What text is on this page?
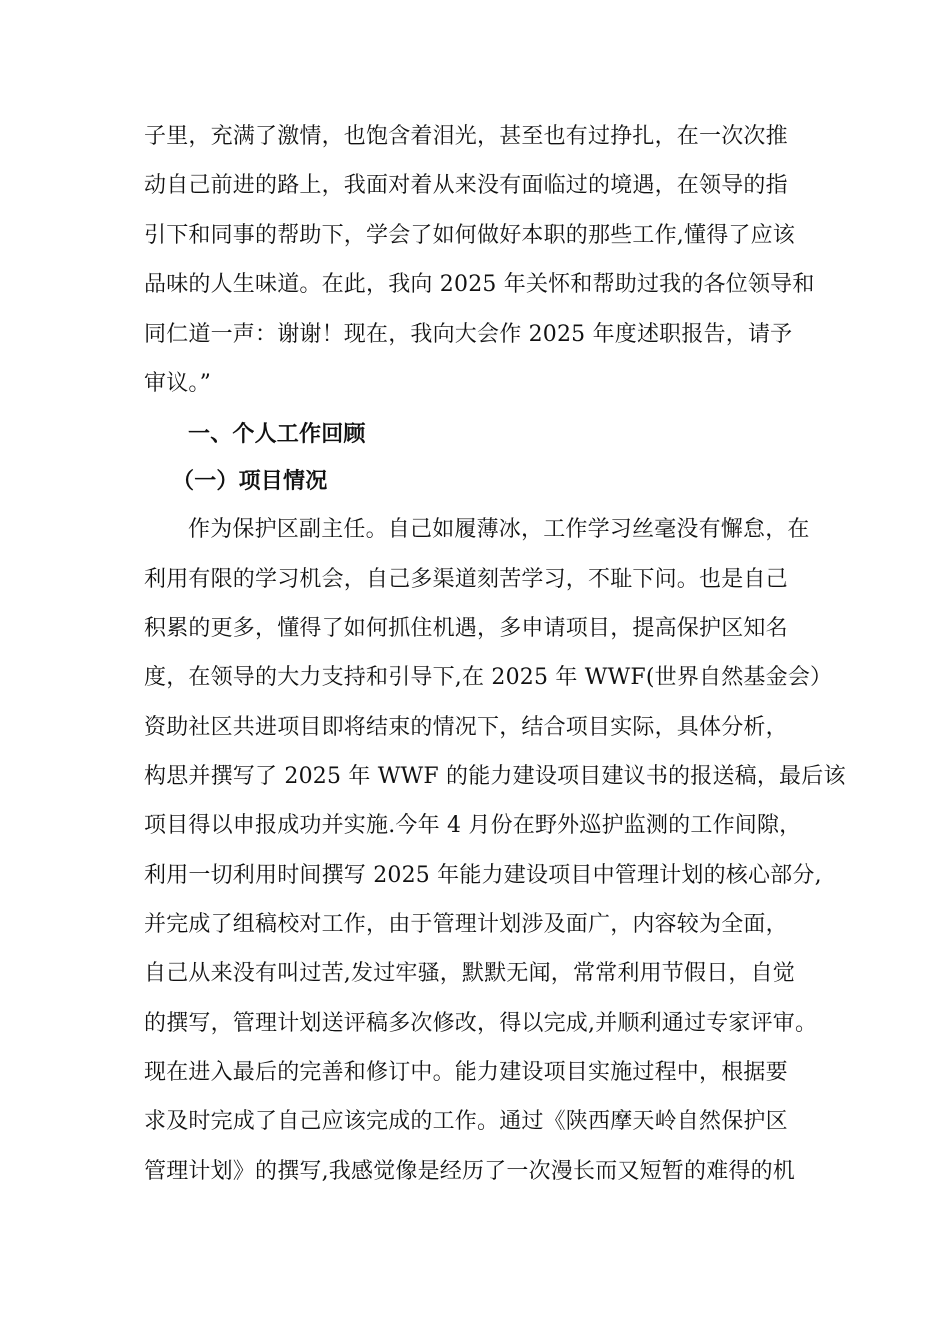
子里，充满了激情，也饱含着泪光，甚至也有过挣扎，在一次次推
动自己前进的路上，我面对着从来没有面临过的境遇，在领导的指
引下和同事的帮助下，学会了如何做好本职的那些工作,懂得了应该
品味的人生味道。在此，我向 2025 年关怀和帮助过我的各位领导和
同仁道一声：谢谢！现在，我向大会作 2025 年度述职报告，请予
审议。”
一、个人工作回顾
（一）项目情况
作为保护区副主任。自己如履薄冰，工作学习丝毫没有懈怠，在
利用有限的学习机会，自己多渠道刻苦学习，不耻下问。也是自己
积累的更多，懂得了如何抓住机遇，多申请项目，提高保护区知名
度，在领导的大力支持和引导下,在 2025 年 WWF(世界自然基金会）
资助社区共进项目即将结束的情况下，结合项目实际，具体分析，
构思并撰写了 2025 年 WWF 的能力建设项目建议书的报送稿，最后该
项目得以申报成功并实施.今年 4 月份在野外巡护监测的工作间隙，
利用一切利用时间撰写 2025 年能力建设项目中管理计划的核心部分,
并完成了组稿校对工作，由于管理计划涉及面广，内容较为全面，
自己从来没有叫过苦,发过牢骚，默默无闻，常常利用节假日，自觉
的撰写，管理计划送评稿多次修改，得以完成,并顺利通过专家评审。
现在进入最后的完善和修订中。能力建设项目实施过程中，根据要
求及时完成了自己应该完成的工作。通过《陕西摩天岭自然保护区
管理计划》的撰写,我感觉像是经历了一次漫长而又短暂的难得的机
